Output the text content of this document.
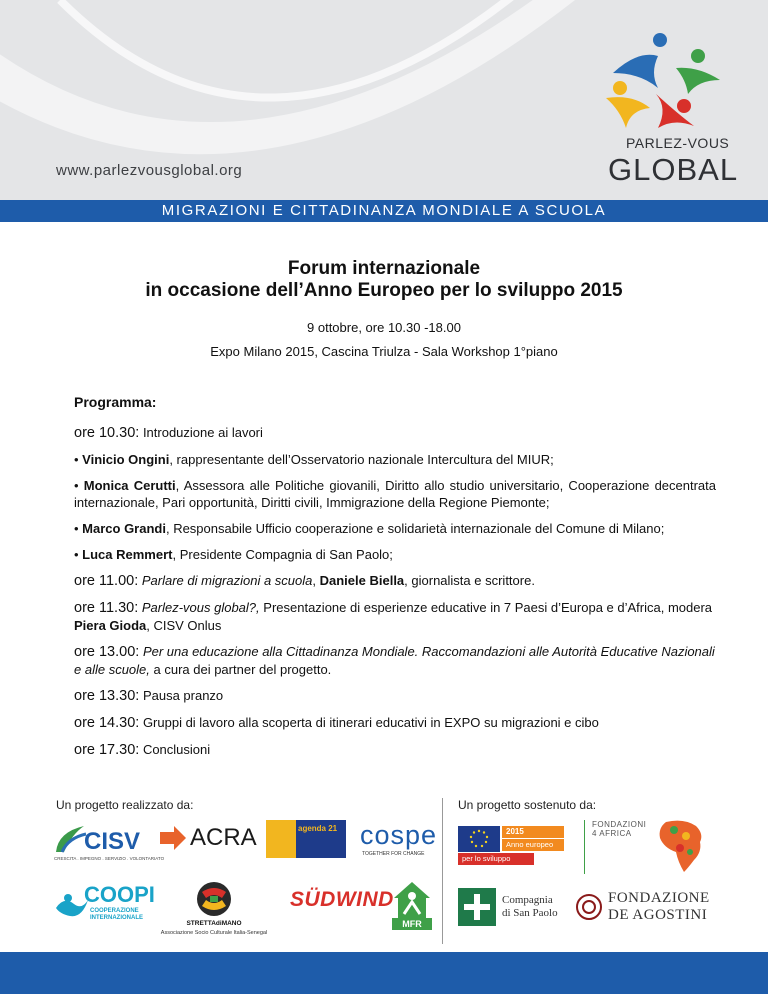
PARLEZ-VOUS
GLOBAL
www.parlezvousglobal.org
MIGRAZIONI E CITTADINANZA MONDIALE A SCUOLA
Forum internazionale
in occasione dell’Anno Europeo per lo sviluppo 2015
9 ottobre, ore 10.30 -18.00
Expo Milano 2015, Cascina Triulza - Sala Workshop 1°piano
Programma:
ore 10.30: Introduzione ai lavori
• Vinicio Ongini, rappresentante dell’Osservatorio nazionale Intercultura del MIUR;
• Monica Cerutti, Assessora alle Politiche giovanili, Diritto allo studio universitario, Cooperazione decentrata internazionale, Pari opportunità, Diritti civili, Immigrazione della Regione Piemonte;
• Marco Grandi, Responsabile Ufficio cooperazione e solidarietà internazionale del Comune di Milano;
• Luca Remmert, Presidente Compagnia di San Paolo;
ore 11.00: Parlare di migrazioni a scuola, Daniele Biella, giornalista e scrittore.
ore 11.30: Parlez-vous global?, Presentazione di esperienze educative in 7 Paesi d’Europa e d’Africa, modera Piera Gioda, CISV Onlus
ore 13.00: Per una educazione alla Cittadinanza Mondiale. Raccomandazioni alle Autorità Educative Nazionali e alle scuole, a cura dei partner del progetto.
ore 13.30: Pausa pranzo
ore 14.30: Gruppi di lavoro alla scoperta di itinerari educativi in EXPO su migrazioni e cibo
ore 17.30: Conclusioni
Un progetto realizzato da:	Un progetto sostenuto da:
CISV
CRESCITA . IMPEGNO . SERVIZIO . VOLONTARIATO
ACRA	agenda 21 cospe
TOGETHER FOR CHANGE
COOPI
COOPERAZIONE
INTERNAZIONALE
STRETTAdiMANO
Associazione Socio Culturale Italia-Senegal
SÜDWIND
MFR
2015
Anno europeo
per lo sviluppo
FONDAZIONI
4 AFRICA
Compagnia
di San Paolo
FONDAZIONE
DE AGOSTINI
